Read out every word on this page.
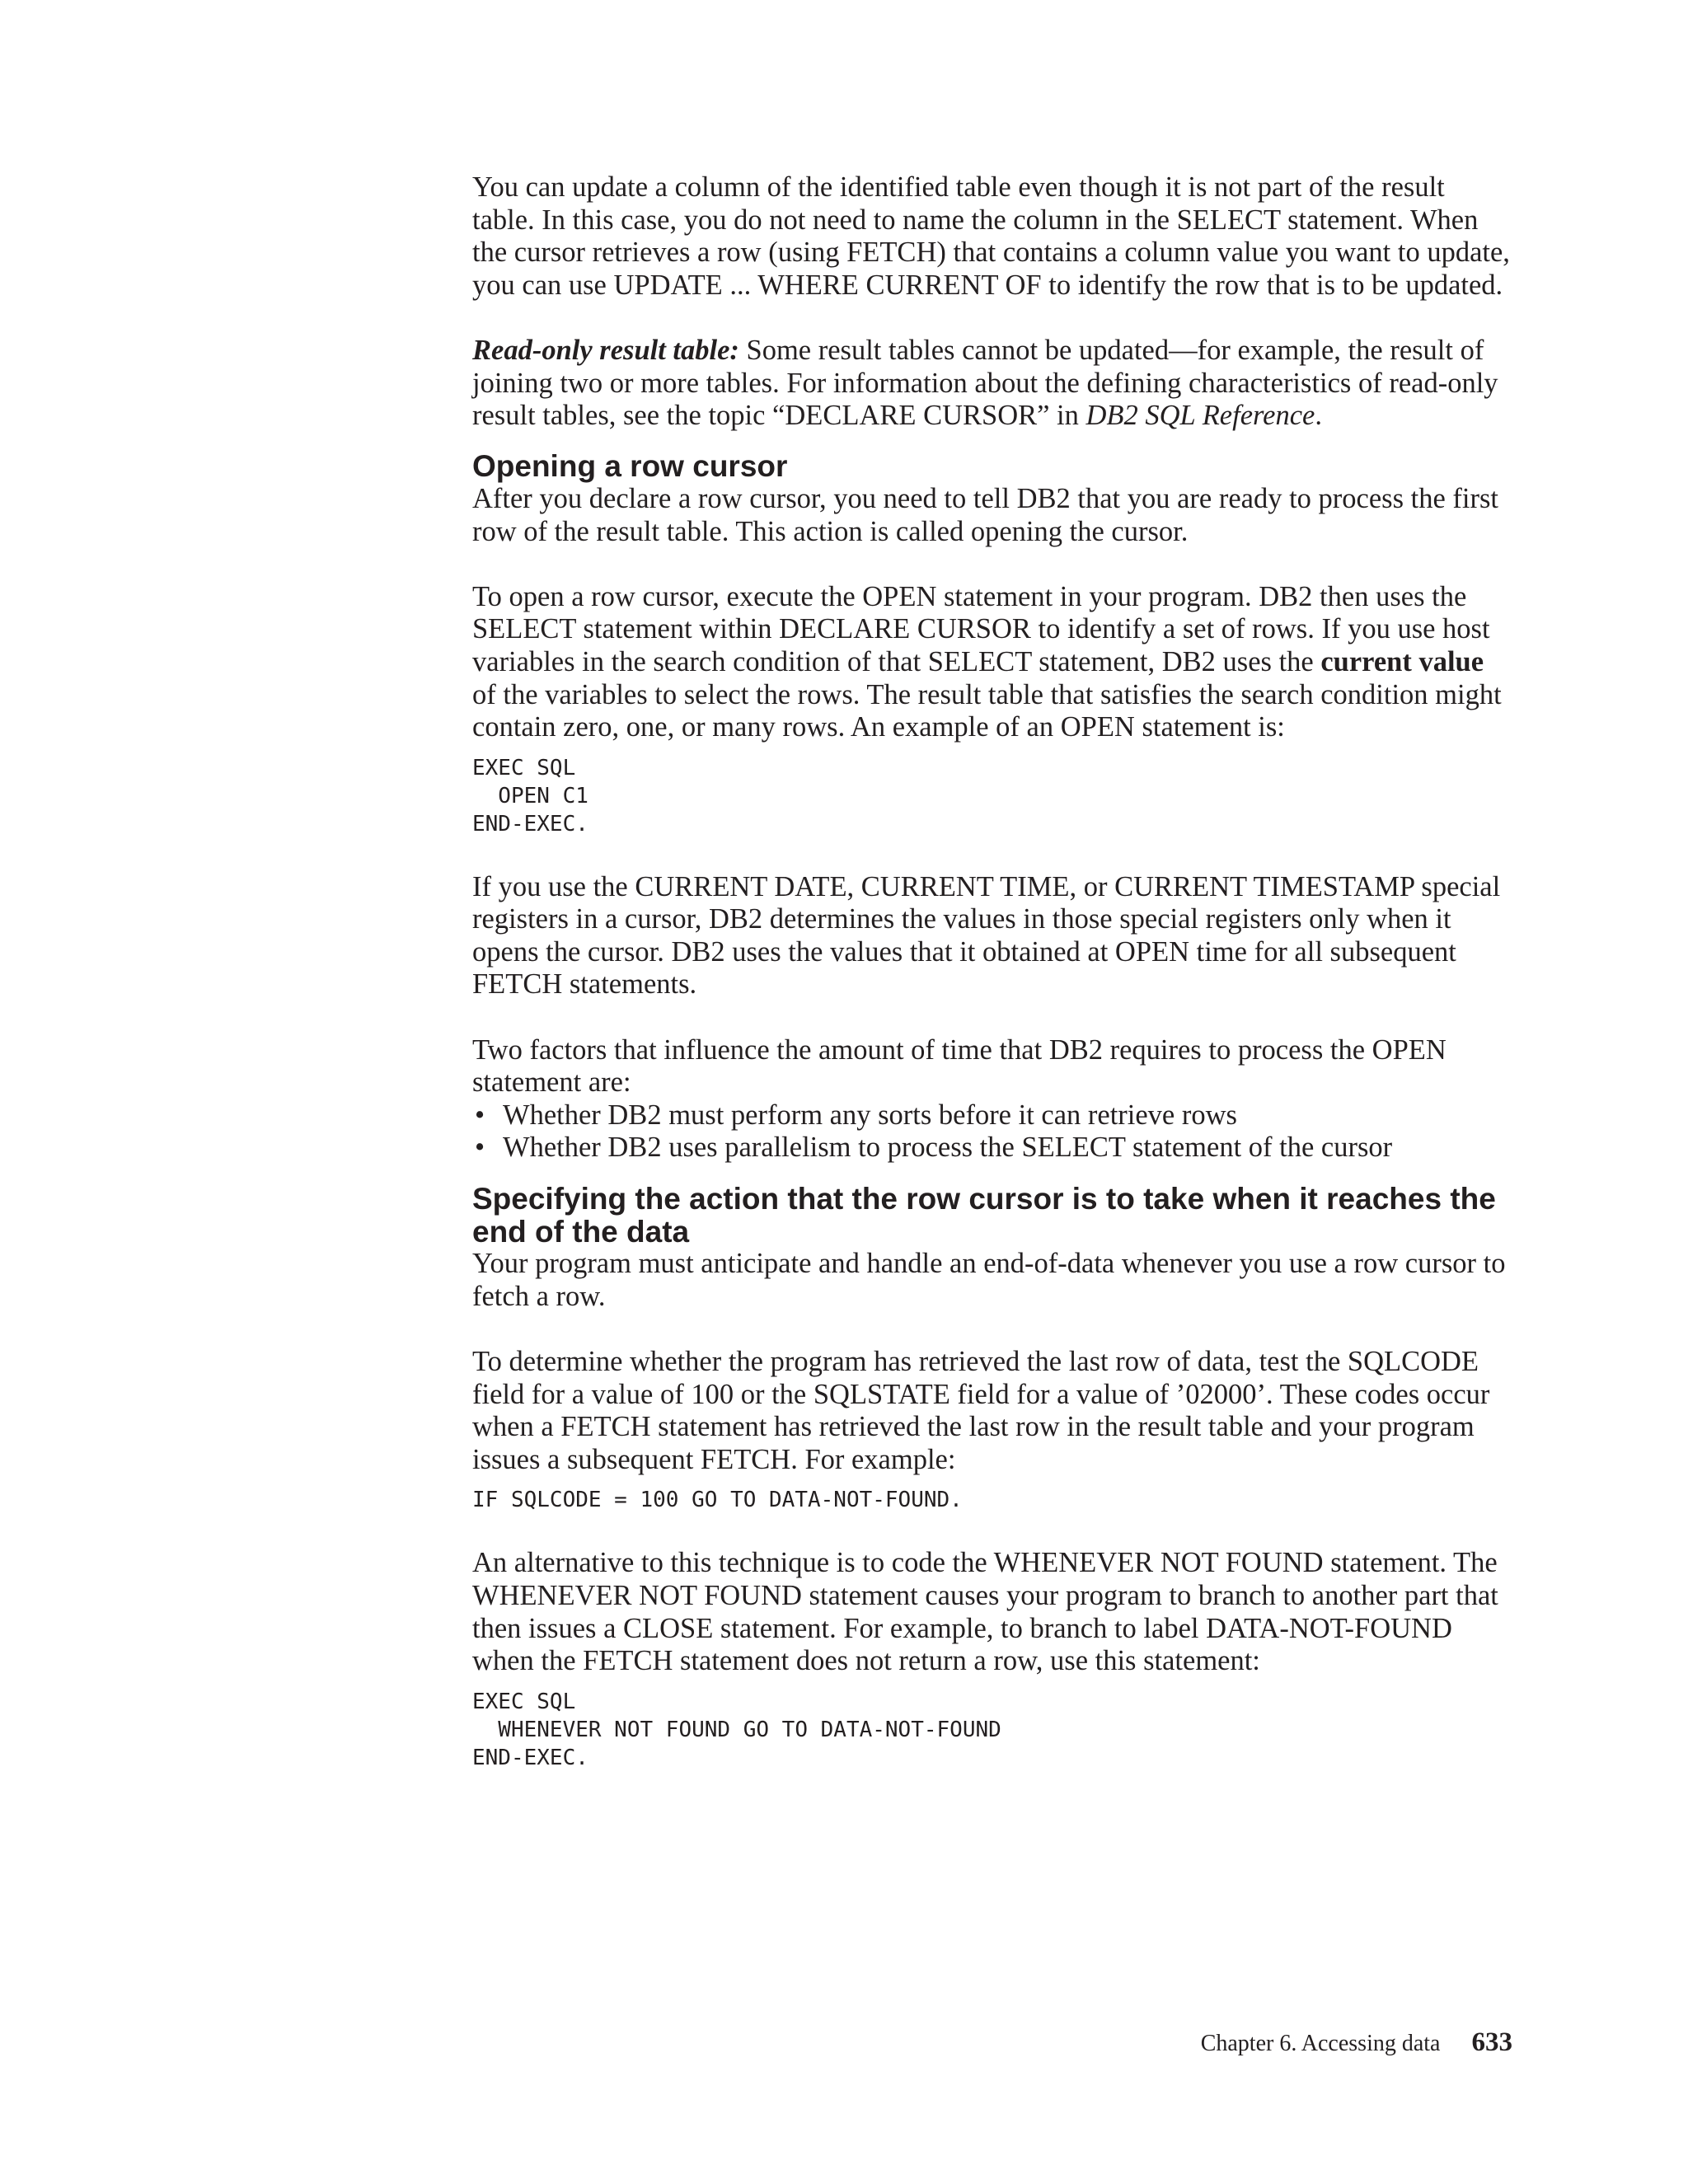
You can update a column of the identified table even though it is not part of the result table. In this case, you do not need to name the column in the SELECT statement. When the cursor retrieves a row (using FETCH) that contains a column value you want to update, you can use UPDATE ... WHERE CURRENT OF to identify the row that is to be updated.

Read-only result table: Some result tables cannot be updated—for example, the result of joining two or more tables. For information about the defining characteristics of read-only result tables, see the topic “DECLARE CURSOR” in DB2 SQL Reference.

Opening a row cursor

After you declare a row cursor, you need to tell DB2 that you are ready to process the first row of the result table. This action is called opening the cursor.

To open a row cursor, execute the OPEN statement in your program. DB2 then uses the SELECT statement within DECLARE CURSOR to identify a set of rows. If you use host variables in the search condition of that SELECT statement, DB2 uses the current value of the variables to select the rows. The result table that satisfies the search condition might contain zero, one, or many rows. An example of an OPEN statement is:

EXEC SQL
OPEN C1
END-EXEC.

If you use the CURRENT DATE, CURRENT TIME, or CURRENT TIMESTAMP special registers in a cursor, DB2 determines the values in those special registers only when it opens the cursor. DB2 uses the values that it obtained at OPEN time for all subsequent FETCH statements.

Two factors that influence the amount of time that DB2 requires to process the OPEN statement are:

• Whether DB2 must perform any sorts before it can retrieve rows
• Whether DB2 uses parallelism to process the SELECT statement of the cursor
Specifying the action that the row cursor is to take when it reaches the end of the data

Your program must anticipate and handle an end-of-data whenever you use a row cursor to fetch a row.

To determine whether the program has retrieved the last row of data, test the SQLCODE field for a value of 100 or the SQLSTATE field for a value of ’02000’. These codes occur when a FETCH statement has retrieved the last row in the result table and your program issues a subsequent FETCH. For example:

IF SQLCODE = 100 GO TO DATA-NOT-FOUND.

An alternative to this technique is to code the WHENEVER NOT FOUND statement. The WHENEVER NOT FOUND statement causes your program to branch to another part that then issues a CLOSE statement. For example, to branch to label DATA-NOT-FOUND when the FETCH statement does not return a row, use this statement:

EXEC SQL
WHENEVER NOT FOUND GO TO DATA-NOT-FOUND
END-EXEC.
Chapter 6. Accessing data 633
